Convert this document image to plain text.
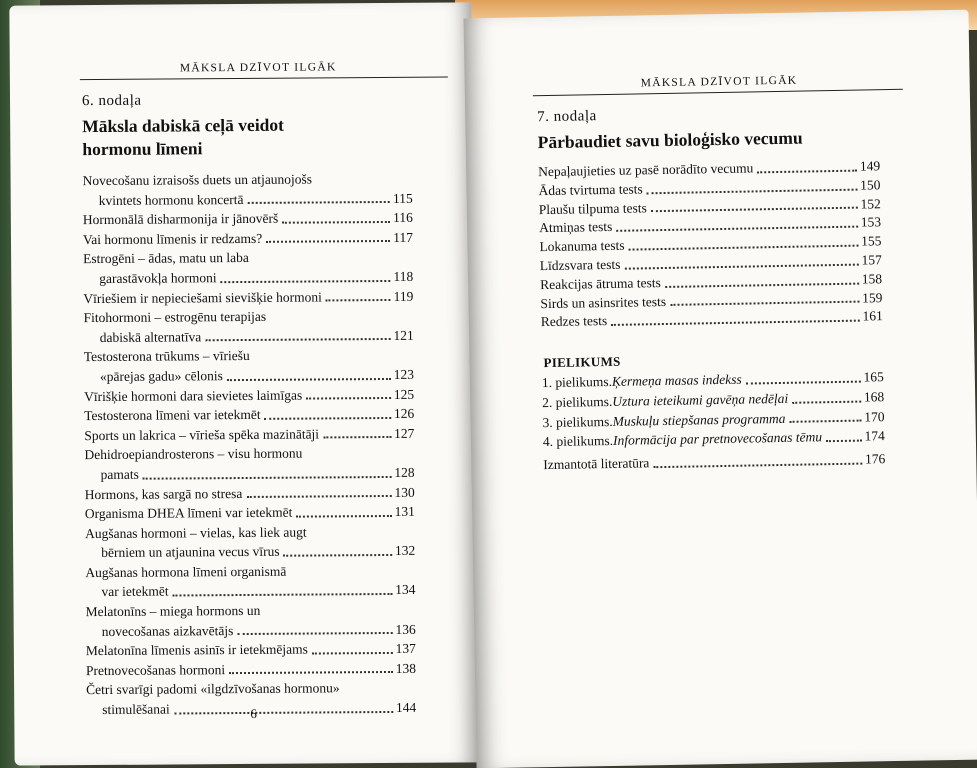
MĀKSLA DZĪVOT ILGĀK
6. nodaļa
Māksla dabiskā ceļā veidot hormonu līmeni
Novecošanu izraisošs duets un atjaunojošs
kvintets hormonu koncertā	115
Hormonālā disharmonija ir jānovērš	116
Vai hormonu līmenis ir redzams?	117
Estrogēni – ādas, matu un laba
garastāvokļa hormoni	118
Vīriešiem ir nepieciešami sievišķie hormoni	119
Fitohormoni – estrogēnu terapijas
dabiskā alternatīva	121
Testosterona trūkums – vīriešu
«pārejas gadu» cēlonis	123
Vīrišķie hormoni dara sievietes laimīgas	125
Testosterona līmeni var ietekmēt	126
Sports un lakrica – vīrieša spēka mazinātāji	127
Dehidroepiandrosterons – visu hormonu
pamats	128
Hormons, kas sargā no stresa	130
Organisma DHEA līmeni var ietekmēt	131
Augšanas hormoni – vielas, kas liek augt
bērniem un atjaunina vecus vīrus	132
Augšanas hormona līmeni organismā
var ietekmēt	134
Melatonīns – miega hormons un
novecošanas aizkavētājs	136
Melatonīna līmenis asinīs ir ietekmējams	137
Pretnovecošanas hormoni	138
Četri svarīgi padomi «ilgdzīvošanas hormonu»
stimulēšanai	144
6
MĀKSLA DZĪVOT ILGĀK
7. nodaļa
Pārbaudiet savu bioloģisko vecumu
Nepaļaujieties uz pasē norādīto vecumu	149
Ādas tvirtuma tests	150
Plaušu tilpuma tests	152
Atmiņas tests	153
Lokanuma tests	155
Līdzsvara tests	157
Reakcijas ātruma tests	158
Sirds un asinsrites tests	159
Redzes tests	161
PIELIKUMS
1. pielikums. Ķermeņa masas indekss	165
2. pielikums. Uztura ieteikumi gavēņa nedēļai	168
3. pielikums. Muskuļu stiepšanas programma	170
4. pielikums. Informācija par pretnovecošanas tēmu	174
Izmantotā literatūra	176
